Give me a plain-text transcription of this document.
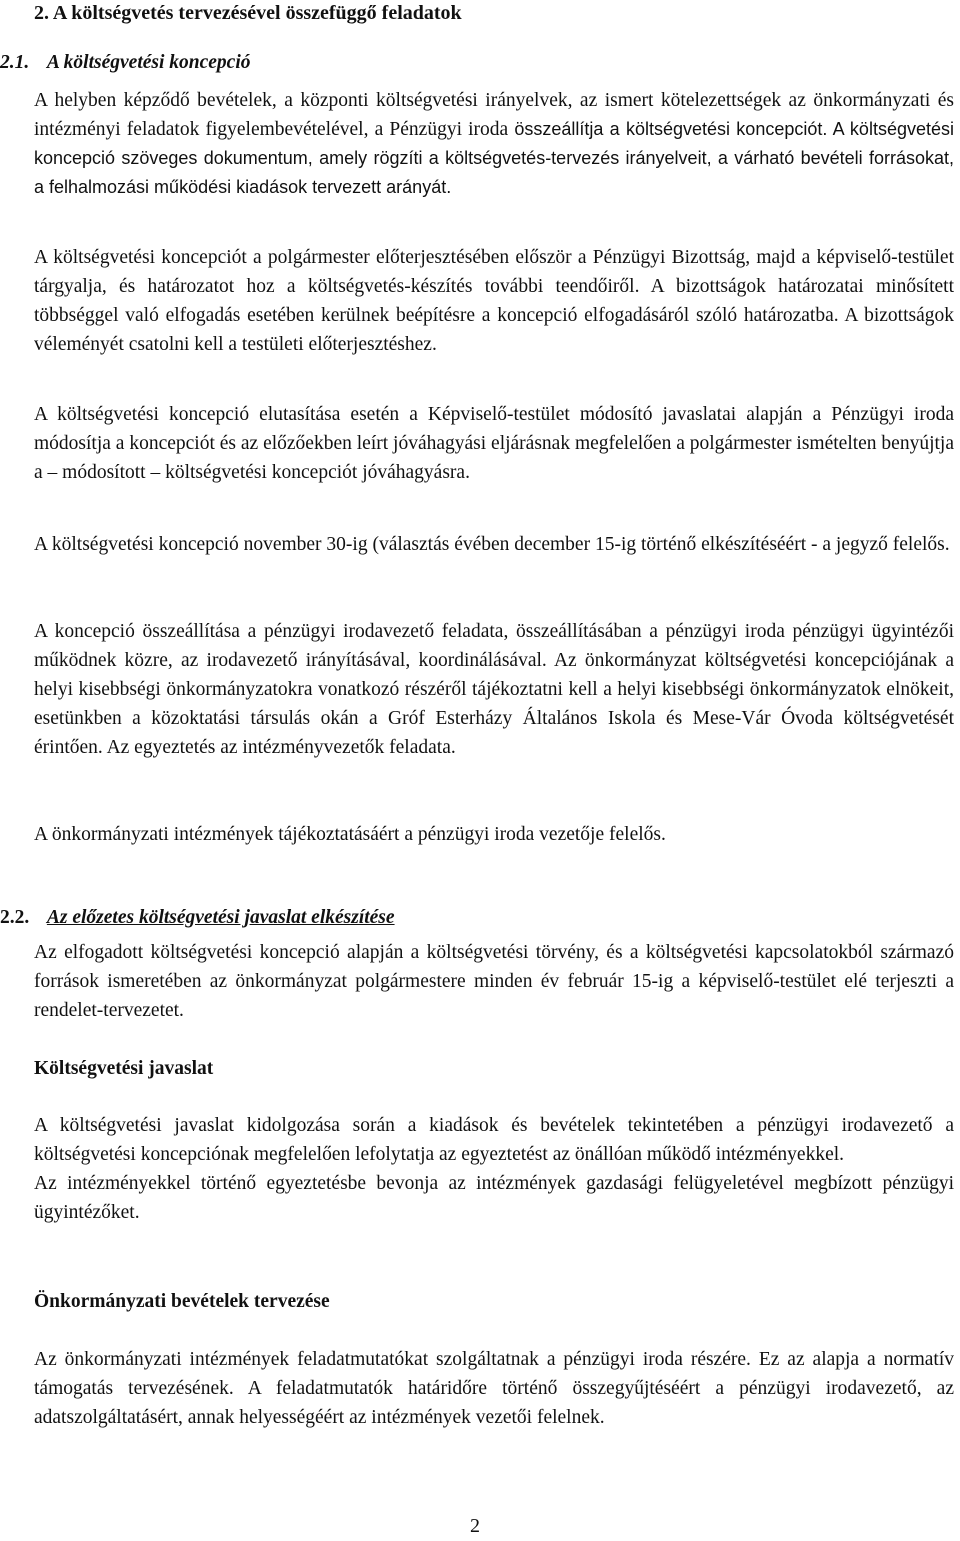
2. A költségvetés tervezésével összefüggő feladatok
2.1. A költségvetési koncepció

A helyben képződő bevételek, a központi költségvetési irányelvek, az ismert kötelezettségek az önkormányzati és intézményi feladatok figyelembevételével, a Pénzügyi iroda összeállítja a költségvetési koncepciót. A költségvetési koncepció szöveges dokumentum, amely rögzíti a költségvetés-tervezés irányelveit, a várható bevételi forrásokat, a felhalmozási működési kiadások tervezett arányát.

A költségvetési koncepciót a polgármester előterjesztésében először a Pénzügyi Bizottság, majd a képviselő-testület tárgyalja, és határozatot hoz a költségvetés-készítés további teendőiről. A bizottságok határozatai minősített többséggel való elfogadás esetében kerülnek beépítésre a koncepció elfogadásáról szóló határozatba. A bizottságok véleményét csatolni kell a testületi előterjesztéshez.

A költségvetési koncepció elutasítása esetén a Képviselő-testület módosító javaslatai alapján a Pénzügyi iroda módosítja a koncepciót és az előzőekben leírt jóváhagyási eljárásnak megfelelően a polgármester ismételten benyújtja a – módosított – költségvetési koncepciót jóváhagyásra.

A költségvetési koncepció november 30-ig (választás évében december 15-ig történő elkészítéséért - a jegyző felelős.

A koncepció összeállítása a pénzügyi irodavezető feladata, összeállításában a pénzügyi iroda pénzügyi ügyintézői működnek közre, az irodavezető irányításával, koordinálásával. Az önkormányzat költségvetési koncepciójának a helyi kisebbségi önkormányzatokra vonatkozó részéről tájékoztatni kell a helyi kisebbségi önkormányzatok elnökeit, esetünkben a közoktatási társulás okán a Gróf Esterházy Általános Iskola és Mese-Vár Óvoda költségvetését érintően. Az egyeztetés az intézményvezetők feladata.

A önkormányzati intézmények tájékoztatásáért a pénzügyi iroda vezetője felelős.

2.2. Az előzetes költségvetési javaslat elkészítése

Az elfogadott költségvetési koncepció alapján a költségvetési törvény, és a költségvetési kapcsolatokból származó források ismeretében az önkormányzat polgármestere minden év február 15-ig a képviselő-testület elé terjeszti a rendelet-tervezetet.

Költségvetési javaslat

A költségvetési javaslat kidolgozása során a kiadások és bevételek tekintetében a pénzügyi irodavezető a költségvetési koncepciónak megfelelően lefolytatja az egyeztetést az önállóan működő intézményekkel.

Az intézményekkel történő egyeztetésbe bevonja az intézmények gazdasági felügyeletével megbízott pénzügyi ügyintézőket.

Önkormányzati bevételek tervezése

Az önkormányzati intézmények feladatmutatókat szolgáltatnak a pénzügyi iroda részére. Ez az alapja a normatív támogatás tervezésének. A feladatmutatók határidőre történő összegyűjtéséért a pénzügyi irodavezető, az adatszolgáltatásért, annak helyességéért az intézmények vezetői felelnek.

2
